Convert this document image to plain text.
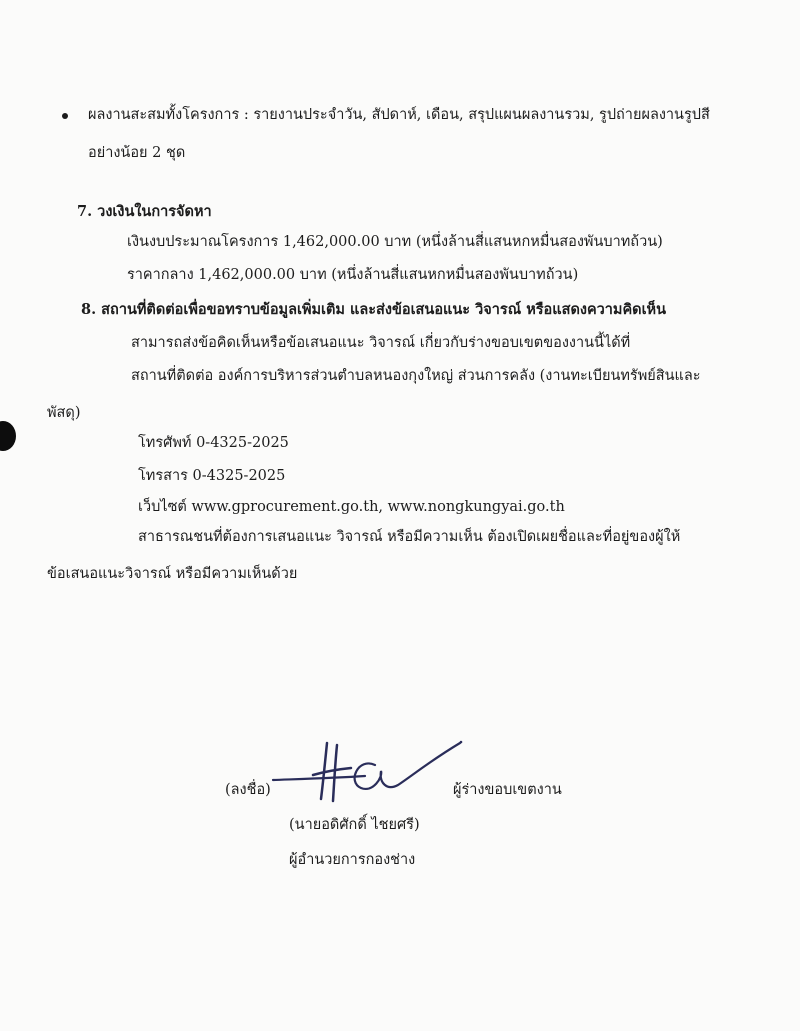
ผลงานสะสมทั้งโครงการ : รายงานประจำวัน, สัปดาห์, เดือน, สรุปแผนผลงานรวม, รูปถ่ายผลงานรูปสี
อย่างน้อย 2 ชุด
7. วงเงินในการจัดหา
เงินงบประมาณโครงการ 1,462,000.00 บาท (หนึ่งล้านสี่แสนหกหมื่นสองพันบาทถ้วน)
ราคากลาง 1,462,000.00 บาท (หนึ่งล้านสี่แสนหกหมื่นสองพันบาทถ้วน)
8. สถานที่ติดต่อเพื่อขอทราบข้อมูลเพิ่มเติม และส่งข้อเสนอแนะ วิจารณ์ หรือแสดงความคิดเห็น
สามารถส่งข้อคิดเห็นหรือข้อเสนอแนะ วิจารณ์ เกี่ยวกับร่างขอบเขตของงานนี้ได้ที่
สถานที่ติดต่อ องค์การบริหารส่วนตำบลหนองกุงใหญ่ ส่วนการคลัง (งานทะเบียนทรัพย์สินและ
พัสดุ)
โทรศัพท์ 0-4325-2025
โทรสาร 0-4325-2025
เว็บไซต์ www.gprocurement.go.th, www.nongkungyai.go.th
สาธารณชนที่ต้องการเสนอแนะ วิจารณ์ หรือมีความเห็น ต้องเปิดเผยชื่อและที่อยู่ของผู้ให้
ข้อเสนอแนะวิจารณ์ หรือมีความเห็นด้วย
(ลงชื่อ)	ผู้ร่างขอบเขตงาน
(นายอดิศักดิ์ ไชยศรี)
ผู้อำนวยการกองช่าง
